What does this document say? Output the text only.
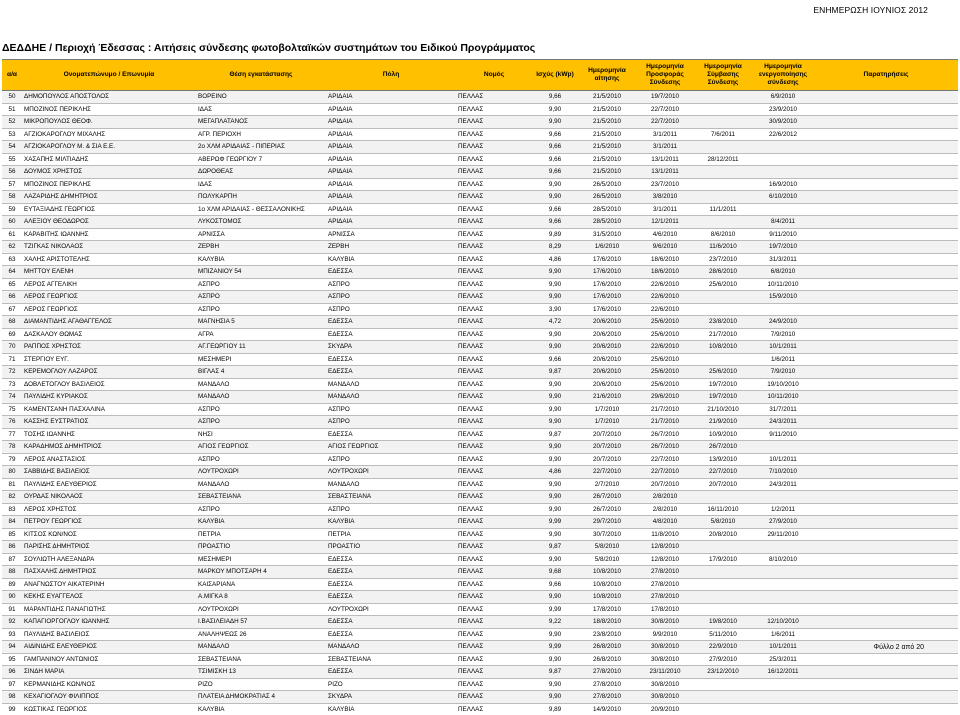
ΕΝΗΜΕΡΩΣΗ ΙΟΥΝΙΟΣ 2012
ΔΕΔΔΗΕ / Περιοχή Έδεσσας : Αιτήσεις σύνδεσης φωτοβολταϊκών συστημάτων του Ειδικού Προγράμματος
α/α	Ονοματεπώνυμο / Επωνυμία	Θέση εγκατάστασης	Πόλη	Νομός	Ισχύς (kWp)	Ημερομηνία αίτησης	Ημερομηνία Προσφοράς Σύνδεσης	Ημερομηνία Σύμβασης Σύνδεσης	Ημερομηνία ενεργοποίησης σύνδεσης	Παρατηρήσεις
50	ΔΗΜΟΠΟΥΛΟΣ ΑΠΟΣΤΟΛΟΣ	ΒΟΡΕΙΝΟ	ΑΡΙΔΑΙΑ	ΠΕΛΛΑΣ	9,66	21/5/2010	19/7/2010		6/9/2010	
51	ΜΠΟΖΙΝΟΣ ΠΕΡΙΚΛΗΣ	ΙΔΑΣ	ΑΡΙΔΑΙΑ	ΠΕΛΛΑΣ	9,90	21/5/2010	22/7/2010		23/9/2010	
52	ΜΙΚΡΟΠΟΥΛΟΣ ΘΕΟΦ.	ΜΕΓΑΠΛΑΤΑΝΟΣ	ΑΡΙΔΑΙΑ	ΠΕΛΛΑΣ	9,90	21/5/2010	22/7/2010		30/9/2010	
53	ΑΓΖΙΟΚΑΡΟΓΛΟΥ ΜΙΧΑΛΗΣ	ΑΓΡ. ΠΕΡΙΟΧΗ	ΑΡΙΔΑΙΑ	ΠΕΛΛΑΣ	9,66	21/5/2010	3/1/2011	7/6/2011	22/6/2012	
54	ΑΓΖΙΟΚΑΡΟΓΛΟΥ Μ. & ΣΙΑ Ε.Ε.	2ο ΧΛΜ ΑΡΙΔΑΙΑΣ - ΠΙΠΕΡΙΑΣ	ΑΡΙΔΑΙΑ	ΠΕΛΛΑΣ	9,66	21/5/2010	3/1/2011			
55	ΧΑΣΑΠΗΣ ΜΙΛΤΙΑΔΗΣ	ΑΒΕΡΩΦ ΓΕΩΡΓΙΟΥ 7	ΑΡΙΔΑΙΑ	ΠΕΛΛΑΣ	9,66	21/5/2010	13/1/2011	28/12/2011		
56	ΔΟΥΜΟΣ ΧΡΗΣΤΟΣ	ΔΩΡΟΘΕΑΣ	ΑΡΙΔΑΙΑ	ΠΕΛΛΑΣ	9,66	21/5/2010	13/1/2011			
57	ΜΠΟΖΙΝΟΣ ΠΕΡΙΚΛΗΣ	ΙΔΑΣ	ΑΡΙΔΑΙΑ	ΠΕΛΛΑΣ	9,90	26/5/2010	23/7/2010		16/9/2010	
58	ΛΑΖΑΡΙΔΗΣ ΔΗΜΗΤΡΙΟΣ	ΠΟΛΥΚΑΡΠΗ	ΑΡΙΔΑΙΑ	ΠΕΛΛΑΣ	9,90	26/5/2010	3/8/2010		6/10/2010	
59	ΕΥΤΑΞΙΑΔΗΣ ΓΕΩΡΓΙΟΣ	1ο ΧΛΜ ΑΡΙΔΑΙΑΣ - ΘΕΣΣΑΛΟΝΙΚΗΣ	ΑΡΙΔΑΙΑ	ΠΕΛΛΑΣ	9,66	28/5/2010	3/1/2011	11/1/2011		
60	ΑΛΕΞΙΟΥ ΘΕΟΔΩΡΟΣ	ΛΥΚΟΣΤΟΜΟΣ	ΑΡΙΔΑΙΑ	ΠΕΛΛΑΣ	9,66	28/5/2010	12/1/2011		8/4/2011	
61	ΚΑΡΑΒΙΤΗΣ ΙΩΑΝΝΗΣ	ΑΡΝΙΣΣΑ	ΑΡΝΙΣΣΑ	ΠΕΛΛΑΣ	9,89	31/5/2010	4/6/2010	8/6/2010	9/11/2010	
62	ΤΖΙΓΚΑΣ ΝΙΚΟΛΑΟΣ	ΖΕΡΒΗ	ΖΕΡΒΗ	ΠΕΛΛΑΣ	8,29	1/6/2010	9/6/2010	11/6/2010	19/7/2010	
63	ΧΑΛΗΣ ΑΡΙΣΤΟΤΕΛΗΣ	ΚΑΛΥΒΙΑ	ΚΑΛΥΒΙΑ	ΠΕΛΛΑΣ	4,86	17/6/2010	18/6/2010	23/7/2010	31/3/2011	
64	ΜΗΤΤΟΥ ΕΛΕΝΗ	ΜΠΙΖΑΝΙΟΥ 54	ΕΔΕΣΣΑ	ΠΕΛΛΑΣ	9,90	17/6/2010	18/6/2010	28/6/2010	6/8/2010	
65	ΛΕΡΟΣ ΑΓΓΕΛΙΚΗ	ΑΣΠΡΟ	ΑΣΠΡΟ	ΠΕΛΛΑΣ	9,90	17/6/2010	22/6/2010	25/6/2010	10/11/2010	
66	ΛΕΡΟΣ ΓΕΩΡΓΙΟΣ	ΑΣΠΡΟ	ΑΣΠΡΟ	ΠΕΛΛΑΣ	9,90	17/6/2010	22/6/2010		15/9/2010	
67	ΛΕΡΟΣ ΓΕΩΡΓΙΟΣ	ΑΣΠΡΟ	ΑΣΠΡΟ	ΠΕΛΛΑΣ	3,90	17/6/2010	22/6/2010			
68	ΔΙΑΜΑΝΤΙΔΗΣ ΑΓΑΘΑΓΓΕΛΟΣ	ΜΑΓΝΗΣΙΑ 5	ΕΔΕΣΣΑ	ΠΕΛΛΑΣ	4,72	20/6/2010	25/6/2010	23/8/2010	24/9/2010	
69	ΔΑΣΚΑΛΟΥ ΘΩΜΑΣ	ΑΓΡΑ	ΕΔΕΣΣΑ	ΠΕΛΛΑΣ	9,90	20/6/2010	25/6/2010	21/7/2010	7/9/2010	
70	ΡΑΠΠΟΣ ΧΡΗΣΤΟΣ	ΑΓ.ΓΕΩΡΓΙΟΥ 11	ΣΚΥΔΡΑ	ΠΕΛΛΑΣ	9,90	20/6/2010	22/6/2010	10/8/2010	10/1/2011	
71	ΣΤΕΡΓΙΟΥ ΕΥΓ.	ΜΕΣΗΜΕΡΙ	ΕΔΕΣΣΑ	ΠΕΛΛΑΣ	9,66	20/6/2010	25/6/2010		1/6/2011	
72	ΚΕΡΕΜΟΓΛΟΥ ΛΑΖΑΡΟΣ	ΒΙΓΛΑΣ 4	ΕΔΕΣΣΑ	ΠΕΛΛΑΣ	9,87	20/6/2010	25/6/2010	25/6/2010	7/9/2010	
73	ΔΟΒΛΕΤΟΓΛΟΥ ΒΑΣΙΛΕΙΟΣ	ΜΑΝΔΑΛΟ	ΜΑΝΔΑΛΟ	ΠΕΛΛΑΣ	9,90	20/6/2010	25/6/2010	19/7/2010	19/10/2010	
74	ΠΑΥΛΙΔΗΣ ΚΥΡΙΑΚΟΣ	ΜΑΝΔΑΛΟ	ΜΑΝΔΑΛΟ	ΠΕΛΛΑΣ	9,90	21/6/2010	29/6/2010	19/7/2010	10/11/2010	
75	ΚΑΜΕΝΤΣΑΝΗ ΠΑΣΧΑΛΙΝΑ	ΑΣΠΡΟ	ΑΣΠΡΟ	ΠΕΛΛΑΣ	9,90	1/7/2010	21/7/2010	21/10/2010	31/7/2011	
76	ΚΑΣΣΗΣ ΕΥΣΤΡΑΤΙΟΣ	ΑΣΠΡΟ	ΑΣΠΡΟ	ΠΕΛΛΑΣ	9,90	1/7/2010	21/7/2010	21/9/2010	24/3/2011	
77	ΤΟΣΗΣ ΙΩΑΝΝΗΣ	ΝΗΣΙ	ΕΔΕΣΣΑ	ΠΕΛΛΑΣ	9,87	20/7/2010	26/7/2010	10/9/2010	9/11/2010	
78	ΚΑΡΑΔΗΜΟΣ ΔΗΜΗΤΡΙΟΣ	ΑΓΙΟΣ ΓΕΩΡΓΙΟΣ	ΑΓΙΟΣ ΓΕΩΡΓΙΟΣ	ΠΕΛΛΑΣ	9,90	20/7/2010	26/7/2010	26/7/2010		
79	ΛΕΡΟΣ ΑΝΑΣΤΑΣΙΟΣ	ΑΣΠΡΟ	ΑΣΠΡΟ	ΠΕΛΛΑΣ	9,90	20/7/2010	22/7/2010	13/9/2010	10/1/2011	
80	ΣΑΒΒΙΔΗΣ ΒΑΣΙΛΕΙΟΣ	ΛΟΥΤΡΟΧΩΡΙ	ΛΟΥΤΡΟΧΩΡΙ	ΠΕΛΛΑΣ	4,86	22/7/2010	22/7/2010	22/7/2010	7/10/2010	
81	ΠΑΥΛΙΔΗΣ ΕΛΕΥΘΕΡΙΟΣ	ΜΑΝΔΑΛΟ	ΜΑΝΔΑΛΟ	ΠΕΛΛΑΣ	9,90	2/7/2010	20/7/2010	20/7/2010	24/3/2011	
82	ΟΥΡΔΑΣ ΝΙΚΟΛΑΟΣ	ΣΕΒΑΣΤΕΙΑΝΑ	ΣΕΒΑΣΤΕΙΑΝΑ	ΠΕΛΛΑΣ	9,90	26/7/2010	2/8/2010			
83	ΛΕΡΟΣ ΧΡΗΣΤΟΣ	ΑΣΠΡΟ	ΑΣΠΡΟ	ΠΕΛΛΑΣ	9,90	26/7/2010	2/8/2010	16/11/2010	1/2/2011	
84	ΠΕΤΡΟΥ ΓΕΩΡΓΙΟΣ	ΚΑΛΥΒΙΑ	ΚΑΛΥΒΙΑ	ΠΕΛΛΑΣ	9,99	29/7/2010	4/8/2010	5/8/2010	27/9/2010	
85	ΚΙΤΣΟΣ ΚΩΝ/ΝΟΣ	ΠΕΤΡΙΑ	ΠΕΤΡΙΑ	ΠΕΛΛΑΣ	9,90	30/7/2010	11/8/2010	20/8/2010	29/11/2010	
86	ΠΑΡΙΣΗΣ ΔΗΜΗΤΡΙΟΣ	ΠΡΟΑΣΤΙΟ	ΠΡΟΑΣΤΙΟ	ΠΕΛΛΑΣ	9,87	5/8/2010	12/8/2010			
87	ΣΟΥΛΙΩΤΗ ΑΛΕΞΑΝΔΡΑ	ΜΕΣΗΜΕΡΙ	ΕΔΕΣΣΑ	ΠΕΛΛΑΣ	9,90	5/8/2010	12/8/2010	17/9/2010	8/10/2010	
88	ΠΑΣΧΑΛΗΣ ΔΗΜΗΤΡΙΟΣ	ΜΑΡΚΟΥ ΜΠΟΤΣΑΡΗ 4	ΕΔΕΣΣΑ	ΠΕΛΛΑΣ	9,68	10/8/2010	27/8/2010			
89	ΑΝΑΓΝΩΣΤΟΥ ΑΙΚΑΤΕΡΙΝΗ	ΚΑΙΣΑΡΙΑΝΑ	ΕΔΕΣΣΑ	ΠΕΛΛΑΣ	9,66	10/8/2010	27/8/2010			
90	ΚΕΚΗΣ ΕΥΑΓΓΕΛΟΣ	Α.ΜΙΓΚΑ 8	ΕΔΕΣΣΑ	ΠΕΛΛΑΣ	9,90	10/8/2010	27/8/2010			
91	ΜΑΡΑΝΤΙΔΗΣ ΠΑΝΑΓΙΩΤΗΣ	ΛΟΥΤΡΟΧΩΡΙ	ΛΟΥΤΡΟΧΩΡΙ	ΠΕΛΛΑΣ	9,99	17/8/2010	17/8/2010			
92	ΚΑΠΑΓΙΟΡΓΟΓΛΟΥ ΙΩΑΝΝΗΣ	Ι.ΒΑΣΙΛΕΙΑΔΗ 57	ΕΔΕΣΣΑ	ΠΕΛΛΑΣ	9,22	18/8/2010	30/8/2010	19/8/2010	12/10/2010	
93	ΠΑΥΛΙΔΗΣ ΒΑΣΙΛΕΙΟΣ	ΑΝΑΛΗΨΕΩΣ 26	ΕΔΕΣΣΑ	ΠΕΛΛΑΣ	9,90	23/8/2010	9/9/2010	5/11/2010	1/6/2011	
94	ΑΙΔΙΝΙΔΗΣ ΕΛΕΥΘΕΡΙΟΣ	ΜΑΝΔΑΛΟ	ΜΑΝΔΑΛΟ	ΠΕΛΛΑΣ	9,99	26/8/2010	30/8/2010	22/9/2010	10/1/2011	
95	ΓΑΜΠΑΝΙΝΟΥ ΑΝΤΩΝΙΟΣ	ΣΕΒΑΣΤΕΙΑΝΑ	ΣΕΒΑΣΤΕΙΑΝΑ	ΠΕΛΛΑΣ	9,90	26/8/2010	30/8/2010	27/9/2010	25/3/2011	
96	ΣΙΝΔΗ ΜΑΡΙΑ	ΤΣΙΜΙΣΚΗ 13	ΕΔΕΣΣΑ	ΠΕΛΛΑΣ	9,87	27/8/2010	23/11/2010	23/12/2010	16/12/2011	
97	ΚΕΡΜΑΝΙΔΗΣ ΚΩΝ/ΝΟΣ	ΡΙΖΟ	ΡΙΖΟ	ΠΕΛΛΑΣ	9,90	27/8/2010	30/8/2010			
98	ΚΕΧΑΓΙΟΓΛΟΥ ΦΙΛΙΠΠΟΣ	ΠΛΑΤΕΙΑ ΔΗΜΟΚΡΑΤΙΑΣ 4	ΣΚΥΔΡΑ	ΠΕΛΛΑΣ	9,90	27/8/2010	30/8/2010			
99	ΚΩΣΤΙΚΑΣ ΓΕΩΡΓΙΟΣ	ΚΑΛΥΒΙΑ	ΚΑΛΥΒΙΑ	ΠΕΛΛΑΣ	9,89	14/9/2010	20/9/2010			
Φύλλο 2 από 20
